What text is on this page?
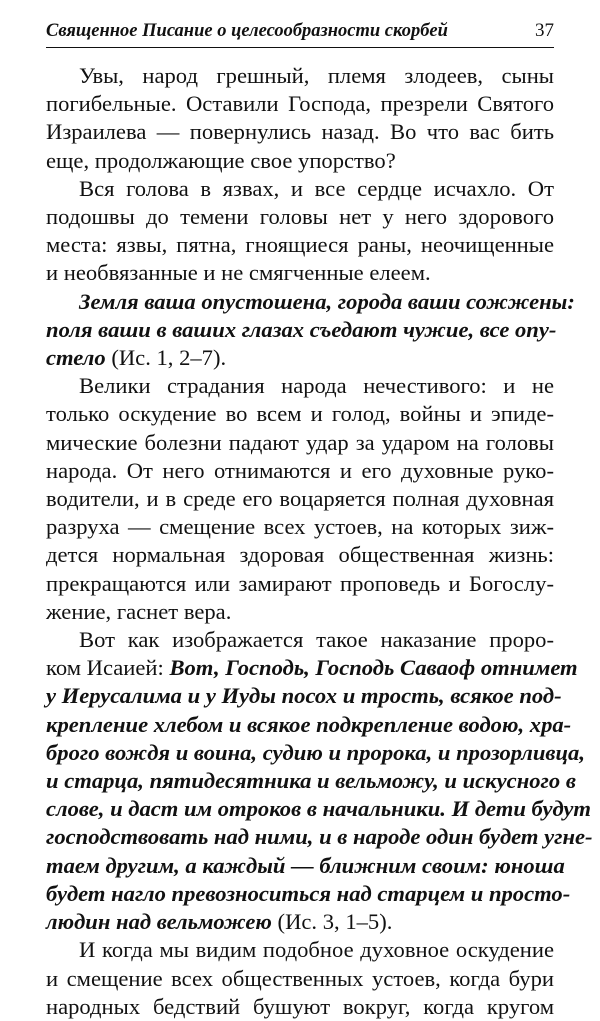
Священное Писание о целесообразности скорбей	37
Увы, народ грешный, племя злодеев, сыны
погибельные. Оставили Господа, презрели Святого
Израилева — повернулись назад. Во что вас бить
еще, продолжающие свое упорство?
Вся голова в язвах, и все сердце исчахло. От
подошвы до темени головы нет у него здорового
места: язвы, пятна, гноящиеся раны, неочищенные
и необвязанные и не смягченные елеем.
Земля ваша опустошена, города ваши сожжены:
поля ваши в ваших глазах съедают чужие, все опу-
стело (Ис. 1, 2–7).
Велики страдания народа нечестивого: и не
только оскудение во всем и голод, войны и эпиде-
мические болезни падают удар за ударом на головы
народа. От него отнимаются и его духовные руко-
водители, и в среде его воцаряется полная духовная
разруха — смещение всех устоев, на которых зиж-
дется нормальная здоровая общественная жизнь:
прекращаются или замирают проповедь и Богослу-
жение, гаснет вера.
Вот как изображается такое наказание проро-
ком Исаией: Вот, Господь, Господь Саваоф отнимет
у Иерусалима и у Иуды посох и трость, всякое под-
крепление хлебом и всякое подкрепление водою, хра-
брого вождя и воина, судию и пророка, и прозорливца,
и старца, пятидесятника и вельможу, и искусного в
слове, и даст им отроков в начальники. И дети будут
господствовать над ними, и в народе один будет угне-
таем другим, а каждый — ближним своим: юноша
будет нагло превозноситься над старцем и просто-
людин над вельможею (Ис. 3, 1–5).
И когда мы видим подобное духовное оскудение
и смещение всех общественных устоев, когда бури
народных бедствий бушуют вокруг, когда кругом
